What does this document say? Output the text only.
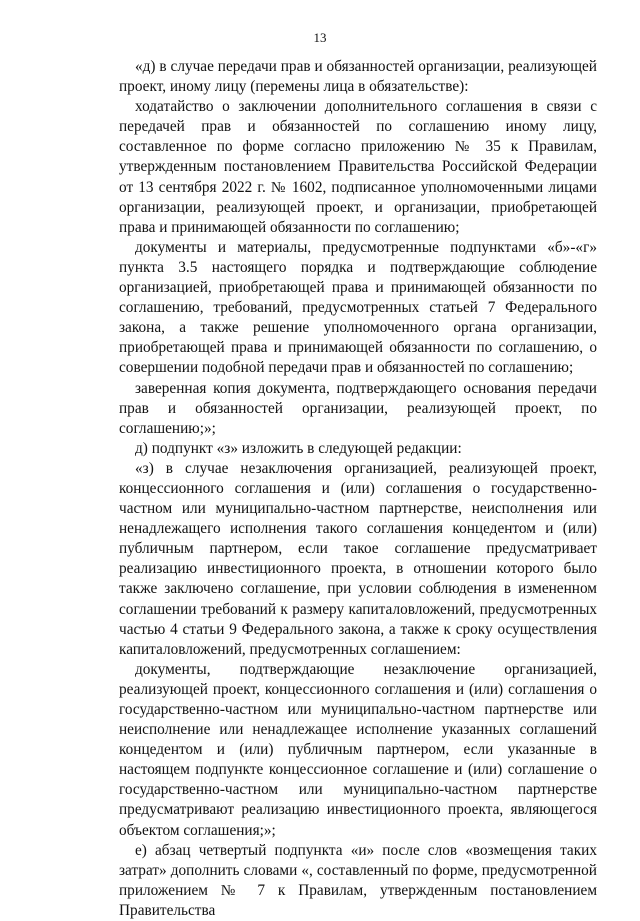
13

«д) в случае передачи прав и обязанностей организации, реализующей проект, иному лицу (перемены лица в обязательстве):

ходатайство о заключении дополнительного соглашения в связи с передачей прав и обязанностей по соглашению иному лицу, составленное по форме согласно приложению № 35 к Правилам, утвержденным постановлением Правительства Российской Федерации от 13 сентября 2022 г. № 1602, подписанное уполномоченными лицами организации, реализующей проект, и организации, приобретающей права и принимающей обязанности по соглашению;

документы и материалы, предусмотренные подпунктами «б»-«г» пункта 3.5 настоящего порядка и подтверждающие соблюдение организацией, приобретающей права и принимающей обязанности по соглашению, требований, предусмотренных статьей 7 Федерального закона, а также решение уполномоченного органа организации, приобретающей права и принимающей обязанности по соглашению, о совершении подобной передачи прав и обязанностей по соглашению;

заверенная копия документа, подтверждающего основания передачи прав и обязанностей организации, реализующей проект, по соглашению;»;

д) подпункт «з» изложить в следующей редакции:

«з) в случае незаключения организацией, реализующей проект, концессионного соглашения и (или) соглашения о государственно-частном или муниципально-частном партнерстве, неисполнения или ненадлежащего исполнения такого соглашения концедентом и (или) публичным партнером, если такое соглашение предусматривает реализацию инвестиционного проекта, в отношении которого было также заключено соглашение, при условии соблюдения в измененном соглашении требований к размеру капиталовложений, предусмотренных частью 4 статьи 9 Федерального закона, а также к сроку осуществления капиталовложений, предусмотренных соглашением:

документы, подтверждающие незаключение организацией, реализующей проект, концессионного соглашения и (или) соглашения о государственно-частном или муниципально-частном партнерстве или неисполнение или ненадлежащее исполнение указанных соглашений концедентом и (или) публичным партнером, если указанные в настоящем подпункте концессионное соглашение и (или) соглашение о государственно-частном или муниципально-частном партнерстве предусматривают реализацию инвестиционного проекта, являющегося объектом соглашения;»;

е) абзац четвертый подпункта «и» после слов «возмещения таких затрат» дополнить словами «, составленный по форме, предусмотренной приложением № 7 к Правилам, утвержденным постановлением Правительства
